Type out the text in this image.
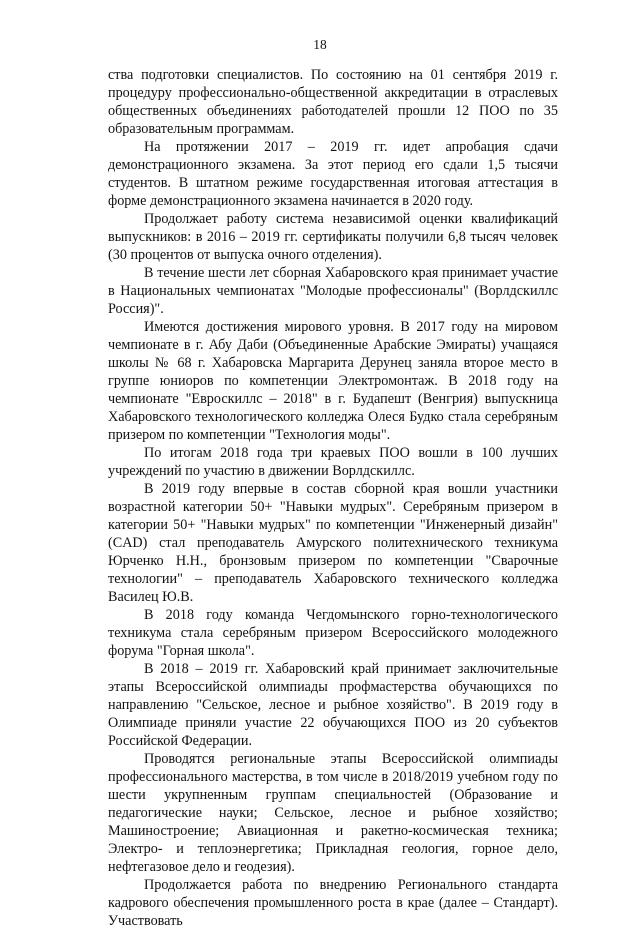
18

ства подготовки специалистов. По состоянию на 01 сентября 2019 г. процедуру профессионально-общественной аккредитации в отраслевых общественных объединениях работодателей прошли 12 ПОО по 35 образовательным программам.

На протяжении 2017 – 2019 гг. идет апробация сдачи демонстрационного экзамена. За этот период его сдали 1,5 тысячи студентов. В штатном режиме государственная итоговая аттестация в форме демонстрационного экзамена начинается в 2020 году.

Продолжает работу система независимой оценки квалификаций выпускников: в 2016 – 2019 гг. сертификаты получили 6,8 тысяч человек (30 процентов от выпуска очного отделения).

В течение шести лет сборная Хабаровского края принимает участие в Национальных чемпионатах "Молодые профессионалы" (Ворлдскиллс Россия)".

Имеются достижения мирового уровня. В 2017 году на мировом чемпионате в г. Абу Даби (Объединенные Арабские Эмираты) учащаяся школы № 68 г. Хабаровска Маргарита Дерунец заняла второе место в группе юниоров по компетенции Электромонтаж. В 2018 году на чемпионате "Евроскиллс – 2018" в г. Будапешт (Венгрия) выпускница Хабаровского технологического колледжа Олеся Будко стала серебряным призером по компетенции "Технология моды".

По итогам 2018 года три краевых ПОО вошли в 100 лучших учреждений по участию в движении Ворлдскиллс.

В 2019 году впервые в состав сборной края вошли участники возрастной категории 50+ "Навыки мудрых". Серебряным призером в категории 50+ "Навыки мудрых" по компетенции "Инженерный дизайн" (CAD) стал преподаватель Амурского политехнического техникума Юрченко Н.Н., бронзовым призером по компетенции "Сварочные технологии" – преподаватель Хабаровского технического колледжа Василец Ю.В.

В 2018 году команда Чегдомынского горно-технологического техникума стала серебряным призером Всероссийского молодежного форума "Горная школа".

В 2018 – 2019 гг. Хабаровский край принимает заключительные этапы Всероссийской олимпиады профмастерства обучающихся по направлению "Сельское, лесное и рыбное хозяйство". В 2019 году в Олимпиаде приняли участие 22 обучающихся ПОО из 20 субъектов Российской Федерации.

Проводятся региональные этапы Всероссийской олимпиады профессионального мастерства, в том числе в 2018/2019 учебном году по шести укрупненным группам специальностей (Образование и педагогические науки; Сельское, лесное и рыбное хозяйство; Машиностроение; Авиационная и ракетно-космическая техника; Электро- и теплоэнергетика; Прикладная геология, горное дело, нефтегазовое дело и геодезия).

Продолжается работа по внедрению Регионального стандарта кадрового обеспечения промышленного роста в крае (далее – Стандарт). Участвовать
